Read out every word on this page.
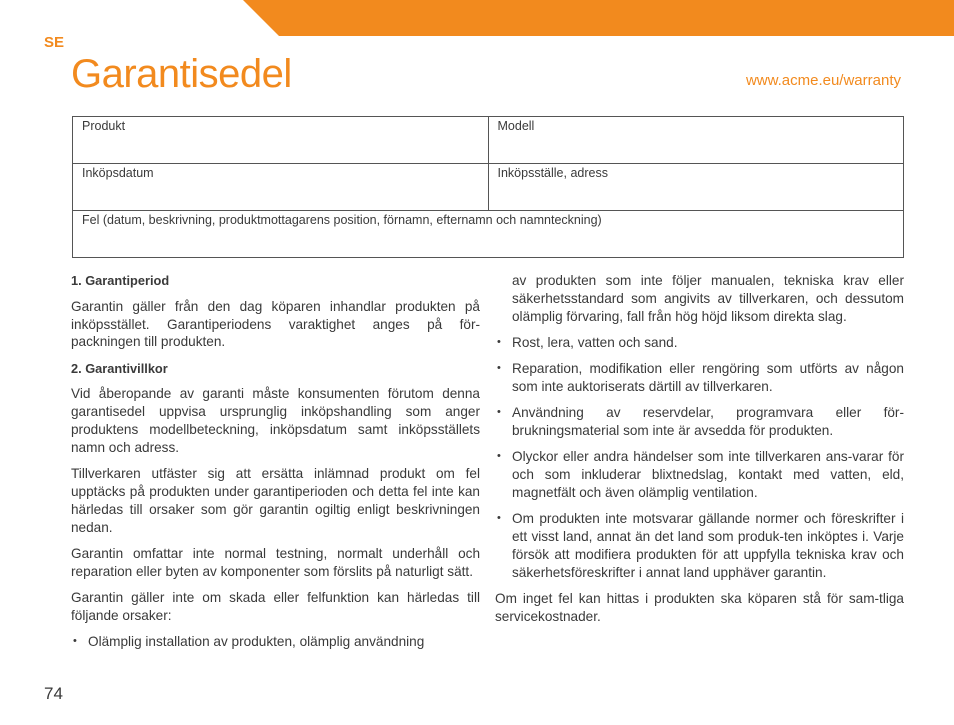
SE
Garantisedel	www.acme.eu/warranty
Produkt	Modell
Inköpsdatum	Inköpsställe, adress
Fel (datum, beskrivning, produktmottagarens position, förnamn, efternamn och namnteckning)	
1. Garantiperiod

Garantin gäller från den dag köparen inhandlar produkten på inköpsstället. Garantiperiodens varaktighet anges på för-packningen till produkten.

2. Garantivillkor

Vid åberopande av garanti måste konsumenten förutom denna garantisedel uppvisa ursprunglig inköpshandling som anger produktens modellbeteckning, inköpsdatum samt inköpsställets namn och adress.

Tillverkaren utfäster sig att ersätta inlämnad produkt om fel upptäcks på produkten under garantiperioden och detta fel inte kan härledas till orsaker som gör garantin ogiltig enligt beskrivningen nedan.

Garantin omfattar inte normal testning, normalt underhåll och reparation eller byten av komponenter som förslits på naturligt sätt.

Garantin gäller inte om skada eller felfunktion kan härledas till följande orsaker:

• Olämplig installation av produkten, olämplig användning
av produkten som inte följer manualen, tekniska krav eller säkerhetsstandard som angivits av tillverkaren, och dessutom olämplig förvaring, fall från hög höjd liksom direkta slag.
• Rost, lera, vatten och sand.
• Reparation, modifikation eller rengöring som utförts av någon som inte auktoriserats därtill av tillverkaren.
• Användning av reservdelar, programvara eller för-brukningsmaterial som inte är avsedda för produkten.
• Olyckor eller andra händelser som inte tillverkaren ans-varar för och som inkluderar blixtnedslag, kontakt med vatten, eld, magnetfält och även olämplig ventilation.
• Om produkten inte motsvarar gällande normer och föreskrifter i ett visst land, annat än det land som produk-ten inköptes i. Varje försök att modifiera produkten för att uppfylla tekniska krav och säkerhetsföreskrifter i annat land upphäver garantin.

Om inget fel kan hittas i produkten ska köparen stå för sam-tliga servicekostnader.

74
